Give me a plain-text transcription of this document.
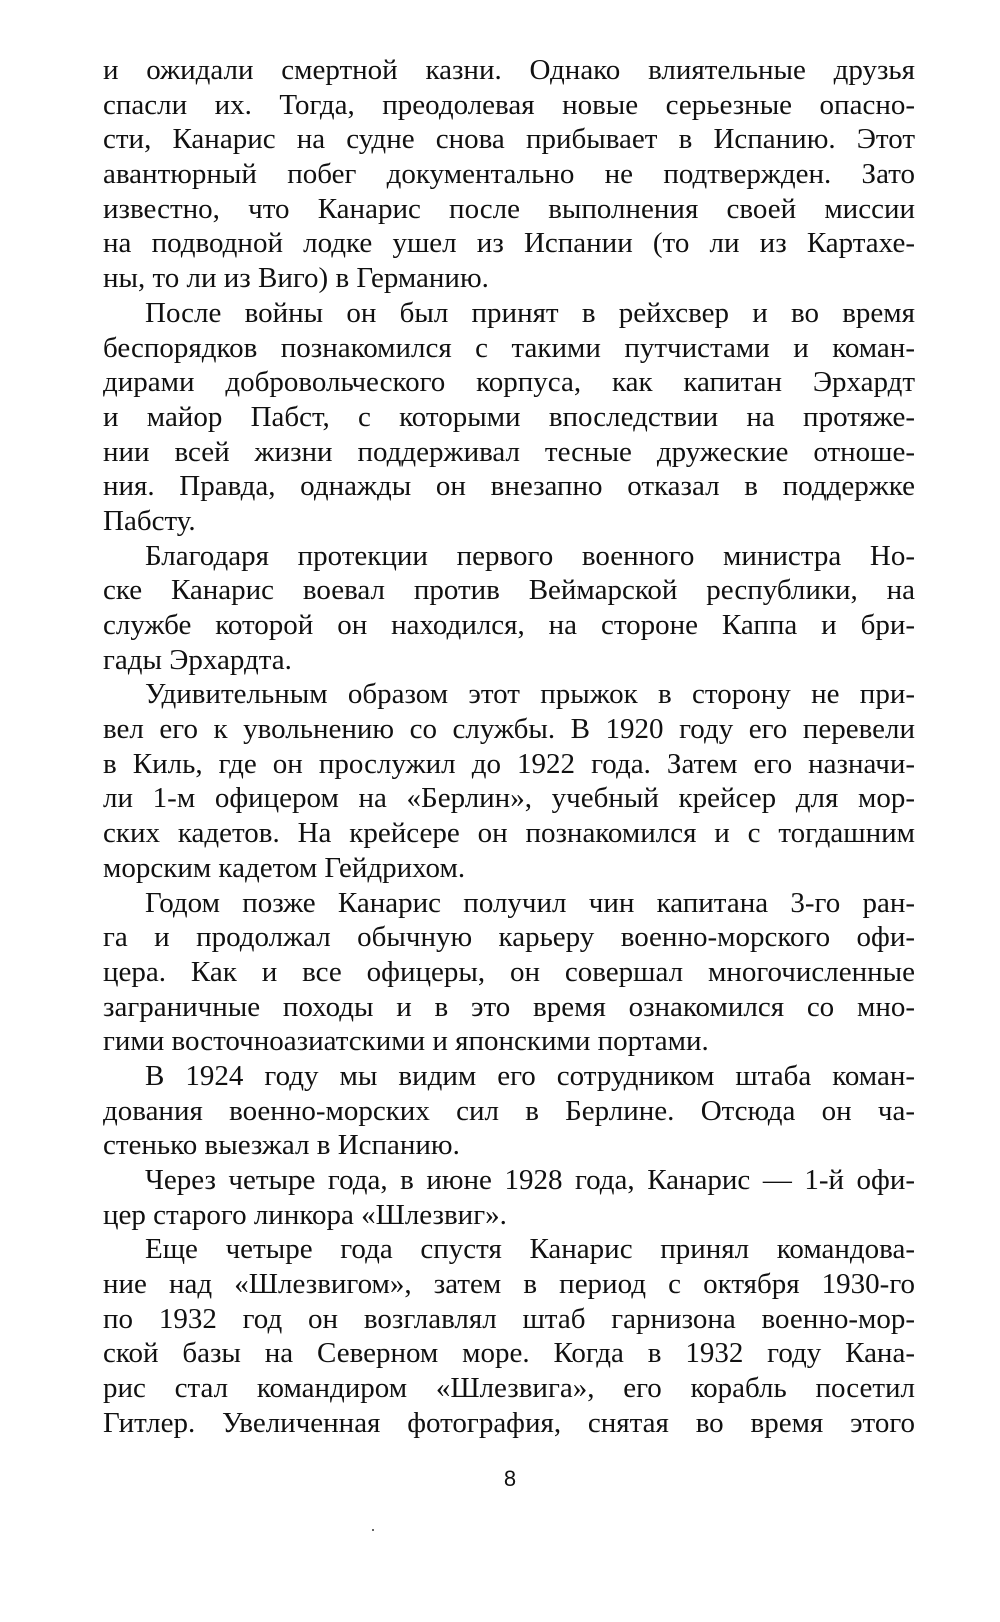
и ожидали смертной казни. Однако влиятельные друзья
спасли их. Тогда, преодолевая новые серьезные опасно-
сти, Канарис на судне снова прибывает в Испанию. Этот
авантюрный побег документально не подтвержден. Зато
известно, что Канарис после выполнения своей миссии
на подводной лодке ушел из Испании (то ли из Картахе-
ны, то ли из Виго) в Германию.
После войны он был принят в рейхсвер и во время
беспорядков познакомился с такими путчистами и коман-
дирами добровольческого корпуса, как капитан Эрхардт
и майор Пабст, с которыми впоследствии на протяже-
нии всей жизни поддерживал тесные дружеские отноше-
ния. Правда, однажды он внезапно отказал в поддержке
Пабсту.
Благодаря протекции первого военного министра Но-
ске Канарис воевал против Веймарской республики, на
службе которой он находился, на стороне Каппа и бри-
гады Эрхардта.
Удивительным образом этот прыжок в сторону не при-
вел его к увольнению со службы. В 1920 году его перевели
в Киль, где он прослужил до 1922 года. Затем его назначи-
ли 1-м офицером на «Берлин», учебный крейсер для мор-
ских кадетов. На крейсере он познакомился и с тогдашним
морским кадетом Гейдрихом.
Годом позже Канарис получил чин капитана 3-го ран-
га и продолжал обычную карьеру военно-морского офи-
цера. Как и все офицеры, он совершал многочисленные
заграничные походы и в это время ознакомился со мно-
гими восточноазиатскими и японскими портами.
В 1924 году мы видим его сотрудником штаба коман-
дования военно-морских сил в Берлине. Отсюда он ча-
стенько выезжал в Испанию.
Через четыре года, в июне 1928 года, Канарис — 1-й офи-
цер старого линкора «Шлезвиг».
Еще четыре года спустя Канарис принял командова-
ние над «Шлезвигом», затем в период с октября 1930-го
по 1932 год он возглавлял штаб гарнизона военно-мор-
ской базы на Северном море. Когда в 1932 году Кана-
рис стал командиром «Шлезвига», его корабль посетил
Гитлер. Увеличенная фотография, снятая во время этого
8
